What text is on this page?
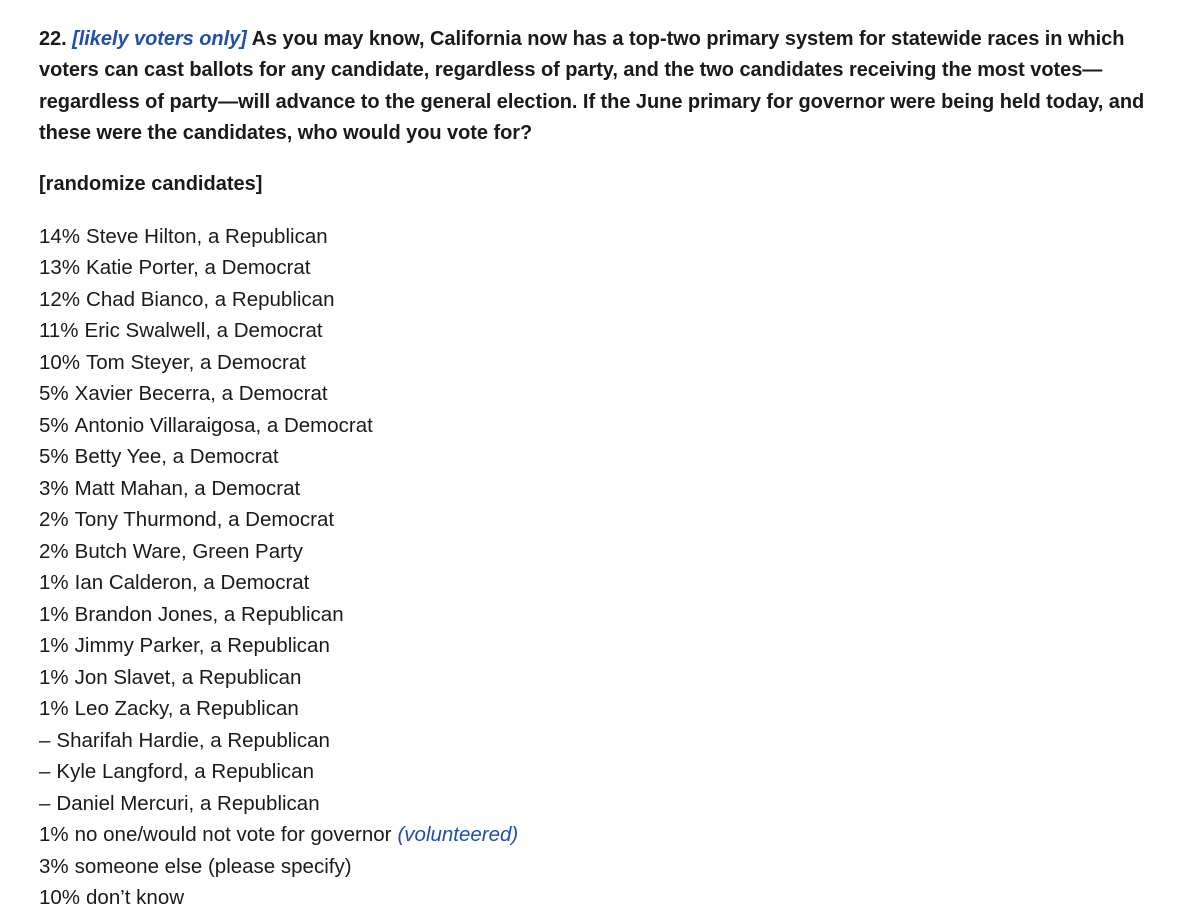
22. [likely voters only] As you may know, California now has a top-two primary system for statewide races in which voters can cast ballots for any candidate, regardless of party, and the two candidates receiving the most votes—regardless of party—will advance to the general election. If the June primary for governor were being held today, and these were the candidates, who would you vote for?

[randomize candidates]

14% Steve Hilton, a Republican
13% Katie Porter, a Democrat
12% Chad Bianco, a Republican
11% Eric Swalwell, a Democrat
10% Tom Steyer, a Democrat
5% Xavier Becerra, a Democrat
5% Antonio Villaraigosa, a Democrat
5% Betty Yee, a Democrat
3% Matt Mahan, a Democrat
2% Tony Thurmond, a Democrat
2% Butch Ware, Green Party
1% Ian Calderon, a Democrat
1% Brandon Jones, a Republican
1% Jimmy Parker, a Republican
1% Jon Slavet, a Republican
1% Leo Zacky, a Republican
– Sharifah Hardie, a Republican
– Kyle Langford, a Republican
– Daniel Mercuri, a Republican
1% no one/would not vote for governor (volunteered)
3% someone else (please specify)
10% don’t know
